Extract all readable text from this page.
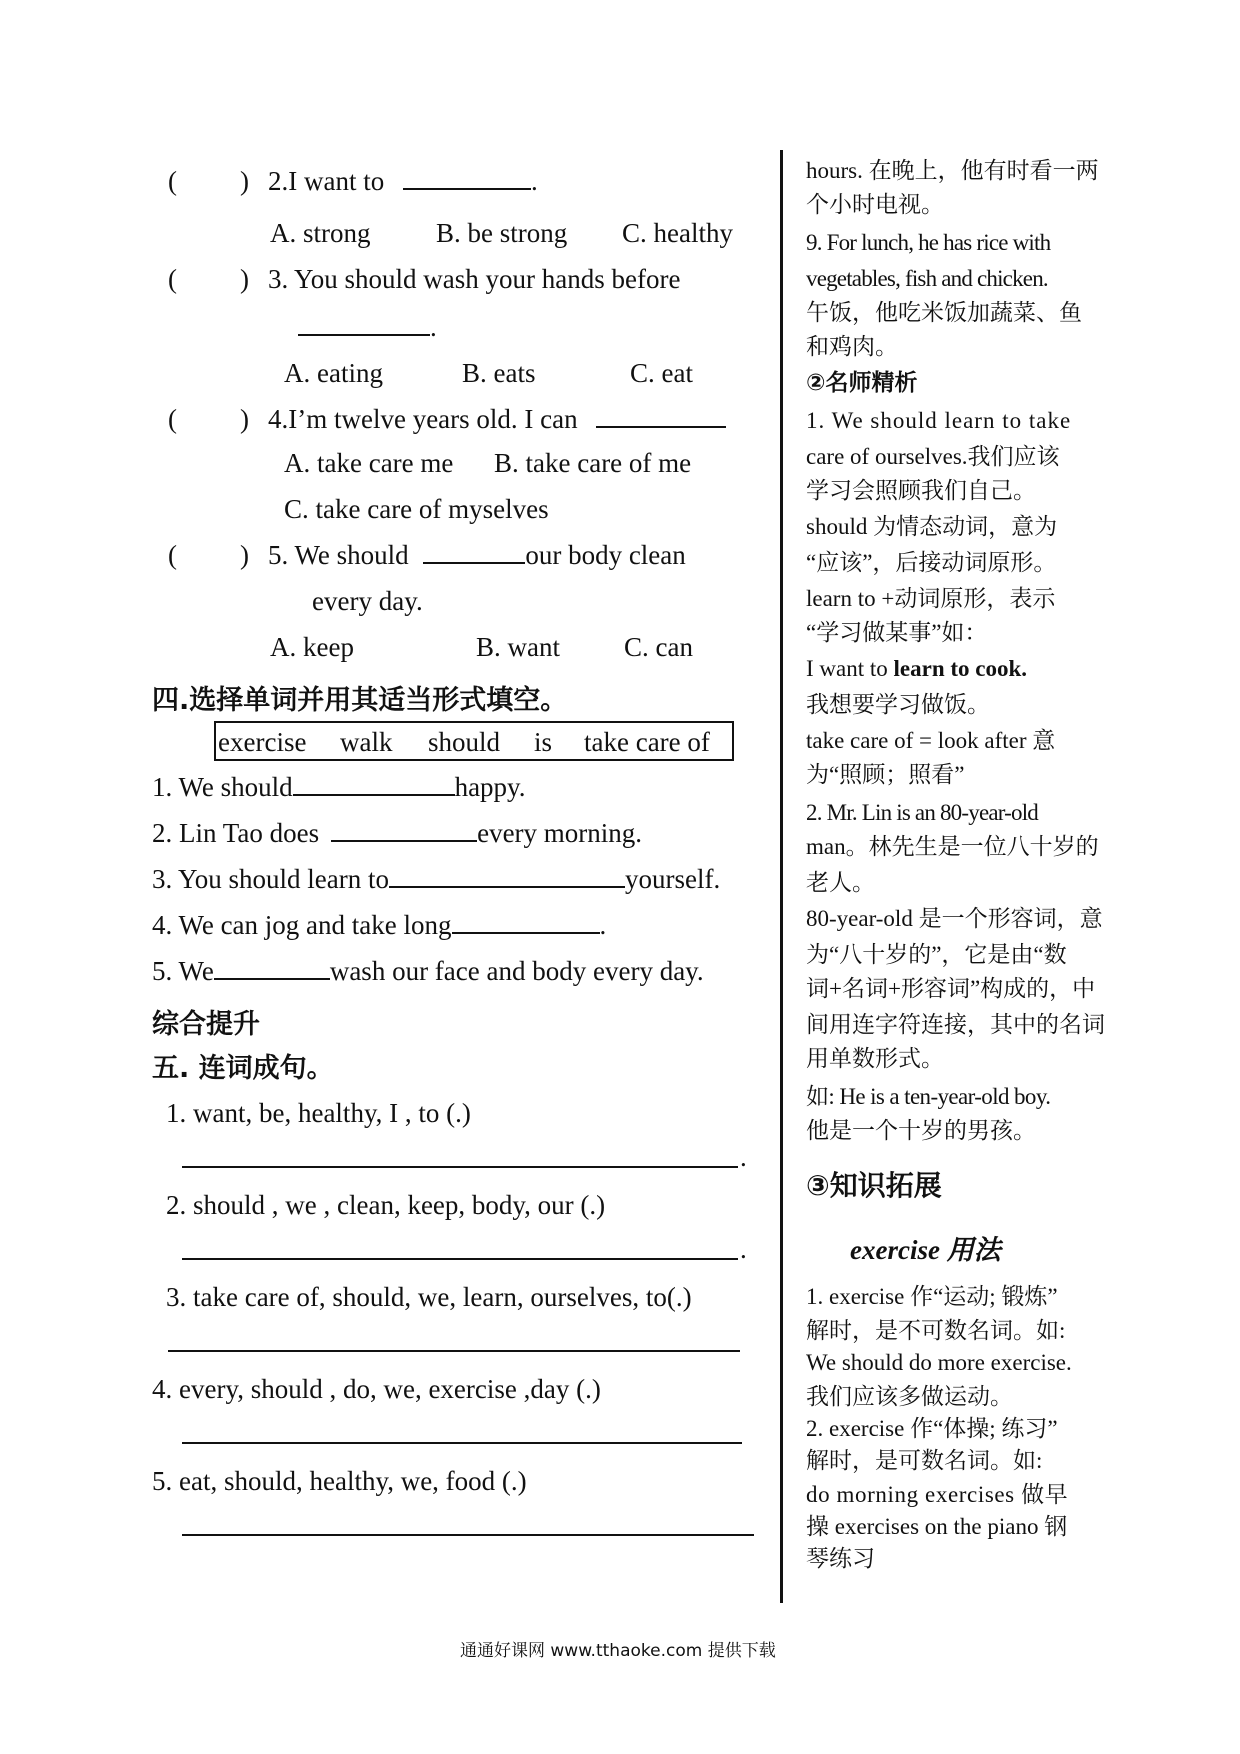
( ) 2.I want to	.
A. strong B. be strong C. healthy
( ) 3. You should wash your hands before
.
A. eating	B. eats	C. eat
( ) 4.I’m twelve years old. I can
A. take care me B. take care of me
C. take care of myselves
( ) 5. We should	our body clean
every day.
A. keep	B. want C. can
四.选择单词并用其适当形式填空。
exercise walk should is take care of
1. We should	happy.
2. Lin Tao does	every morning.
3. You should learn to	yourself.
4. We can jog and take long	.
5. We	wash our face and body every day.
综合提升
五. 连词成句。
1. want, be, healthy, I , to (.)
.
2. should , we , clean, keep, body, our (.)
.
3. take care of, should, we, learn, ourselves, to(.)
4. every, should , do, we, exercise ,day (.)
5. eat, should, healthy, we, food (.)
hours. 在晚上，他有时看一两
个小时电视。
9. For lunch, he has rice with
vegetables, fish and chicken.
午饭，他吃米饭加蔬菜、鱼
和鸡肉。
②名师精析
1. We should learn to take
care of ourselves.我们应该
学习会照顾我们自己。
should 为情态动词，意为
“应该”，后接动词原形。
learn to +动词原形，表示
“学习做某事”如：
I want to learn to cook.
我想要学习做饭。
take care of = look after 意
为“照顾；照看”
2. Mr. Lin is an 80-year-old
man。林先生是一位八十岁的
老人。
80-year-old 是一个形容词，意
为“八十岁的”，它是由“数
词+名词+形容词”构成的，中
间用连字符连接，其中的名词
用单数形式。
如: He is a ten-year-old boy.
他是一个十岁的男孩。
③知识拓展
exercise 用法
1. exercise 作“运动; 锻炼”
解时，是不可数名词。如:
We should do more exercise.
我们应该多做运动。
2. exercise 作“体操; 练习”
解时，是可数名词。如:
do morning exercises 做早
操 exercises on the piano 钢
琴练习
通通好课网 www.tthaoke.com 提供下载
